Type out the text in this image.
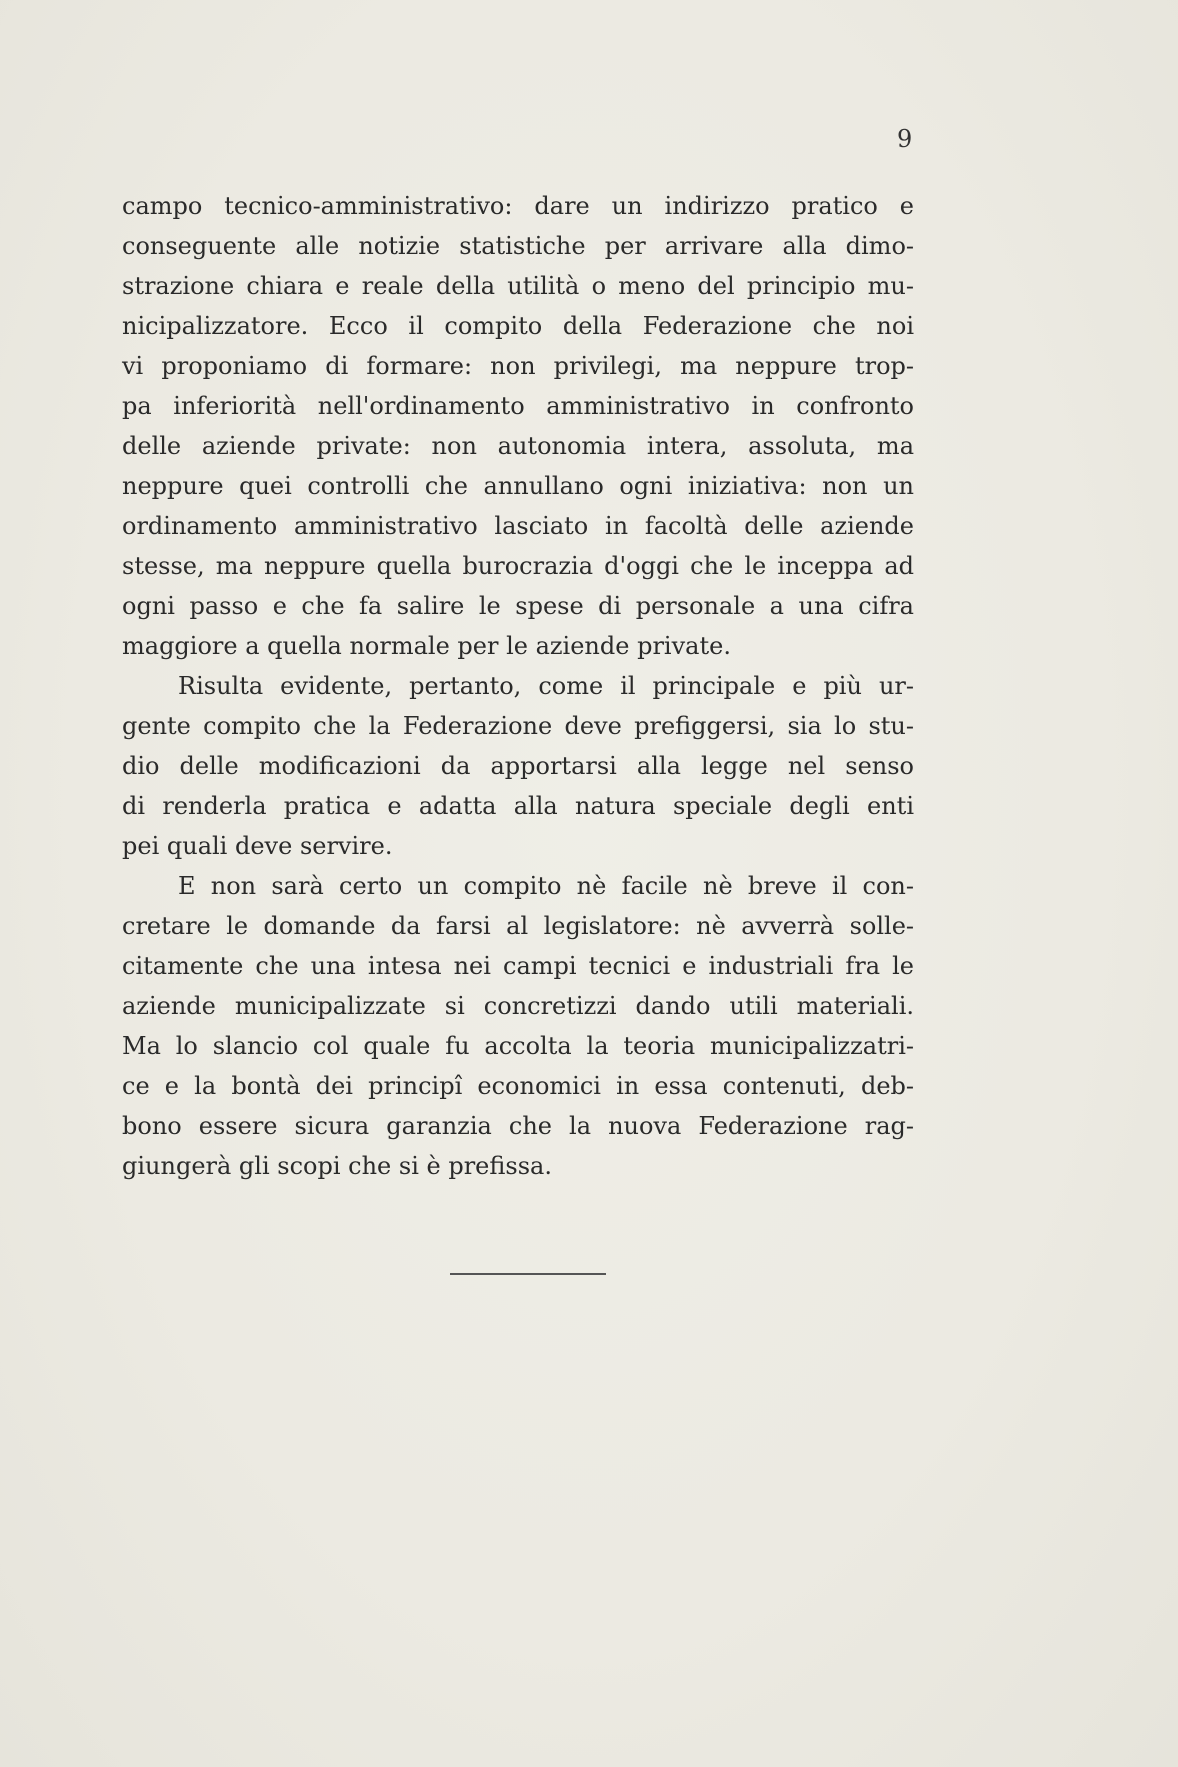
9
campo tecnico-amministrativo: dare un indirizzo pratico e
conseguente alle notizie statistiche per arrivare alla dimo-
strazione chiara e reale della utilità o meno del principio mu-
nicipalizzatore. Ecco il compito della Federazione che noi
vi proponiamo di formare: non privilegi, ma neppure trop-
pa inferiorità nell'ordinamento amministrativo in confronto
delle aziende private: non autonomia intera, assoluta, ma
neppure quei controlli che annullano ogni iniziativa: non un
ordinamento amministrativo lasciato in facoltà delle aziende
stesse, ma neppure quella burocrazia d'oggi che le inceppa ad
ogni passo e che fa salire le spese di personale a una cifra
maggiore a quella normale per le aziende private.
Risulta evidente, pertanto, come il principale e più ur-
gente compito che la Federazione deve prefiggersi, sia lo stu-
dio delle modificazioni da apportarsi alla legge nel senso
di renderla pratica e adatta alla natura speciale degli enti
pei quali deve servire.
E non sarà certo un compito nè facile nè breve il con-
cretare le domande da farsi al legislatore: nè avverrà solle-
citamente che una intesa nei campi tecnici e industriali fra le
aziende municipalizzate si concretizzi dando utili materiali.
Ma lo slancio col quale fu accolta la teoria municipalizzatri-
ce e la bontà dei principî economici in essa contenuti, deb-
bono essere sicura garanzia che la nuova Federazione rag-
giungerà gli scopi che si è prefissa.
